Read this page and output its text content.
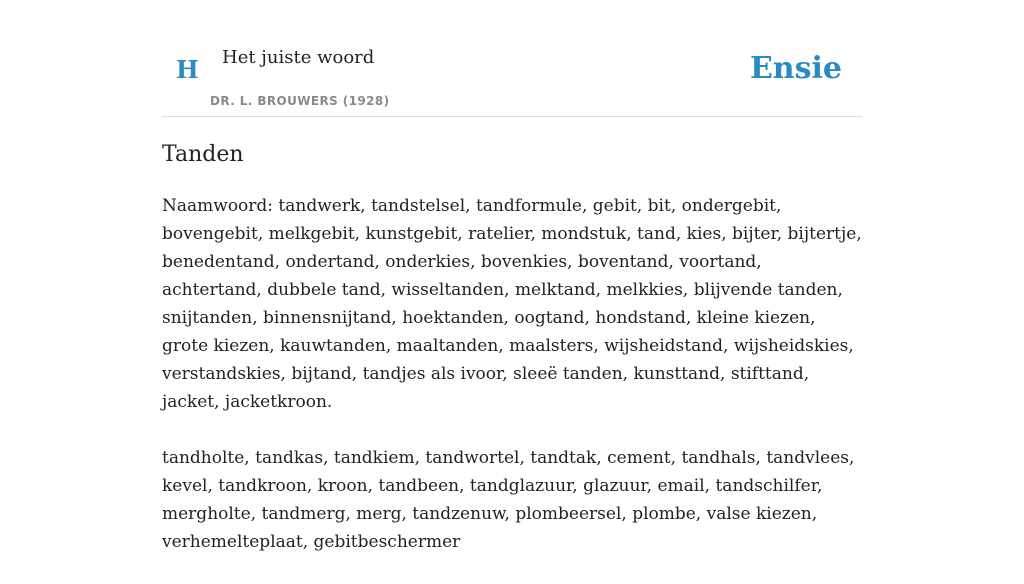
H Het juiste woord
DR. L. BROUWERS (1928)
Ensie
Tanden

Naamwoord: tandwerk, tandstelsel, tandformule, gebit, bit, ondergebit, bovengebit, melkgebit, kunstgebit, ratelier, mondstuk, tand, kies, bijter, bijtertje, benedentand, ondertand, onderkies, bovenkies, boventand, voortand, achtertand, dubbele tand, wisseltanden, melktand, melkkies, blijvende tanden, snijtanden, binnensnijtand, hoektanden, oogtand, hondstand, kleine kiezen, grote kiezen, kauwtanden, maaltanden, maalsters, wijsheidstand, wijsheidskies, verstandskies, bijtand, tandjes als ivoor, sleeë tanden, kunsttand, stifttand, jacket, jacketkroon.

tandholte, tandkas, tandkiem, tandwortel, tandtak, cement, tandhals, tandvlees, kevel, tandkroon, kroon, tandbeen, tandglazuur, glazuur, email, tandschilfer, mergholte, tandmerg, merg, tandzenuw, plombeersel, plombe, valse kiezen, verhemelteplaat, gebitbeschermer
